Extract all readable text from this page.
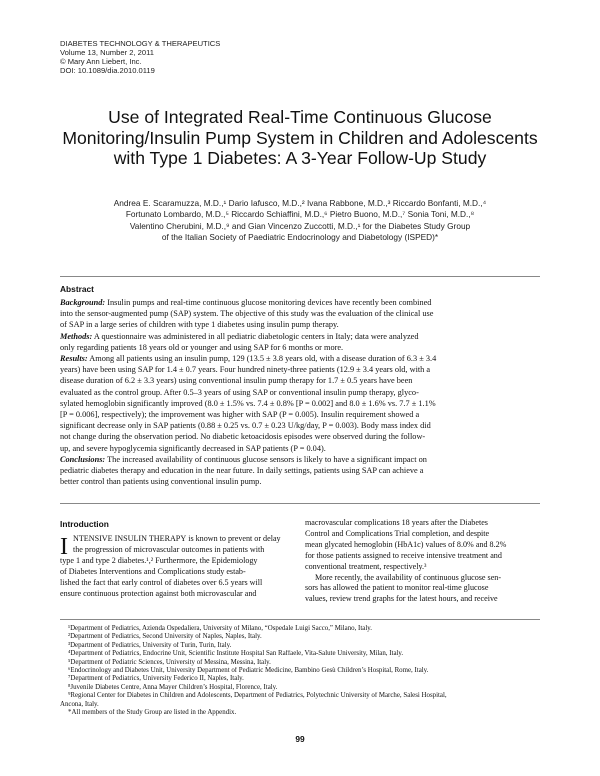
DIABETES TECHNOLOGY & THERAPEUTICS
Volume 13, Number 2, 2011
© Mary Ann Liebert, Inc.
DOI: 10.1089/dia.2010.0119
Use of Integrated Real-Time Continuous Glucose
Monitoring/Insulin Pump System in Children and Adolescents
with Type 1 Diabetes: A 3-Year Follow-Up Study
Andrea E. Scaramuzza, M.D.,¹ Dario Iafusco, M.D.,² Ivana Rabbone, M.D.,³ Riccardo Bonfanti, M.D.,⁴
Fortunato Lombardo, M.D.,⁵ Riccardo Schiaffini, M.D.,⁶ Pietro Buono, M.D.,⁷ Sonia Toni, M.D.,⁸
Valentino Cherubini, M.D.,⁹ and Gian Vincenzo Zuccotti, M.D.,¹ for the Diabetes Study Group
of the Italian Society of Paediatric Endocrinology and Diabetology (ISPED)*
Abstract
Background: Insulin pumps and real-time continuous glucose monitoring devices have recently been combined
into the sensor-augmented pump (SAP) system. The objective of this study was the evaluation of the clinical use
of SAP in a large series of children with type 1 diabetes using insulin pump therapy.
Methods: A questionnaire was administered in all pediatric diabetologic centers in Italy; data were analyzed
only regarding patients 18 years old or younger and using SAP for 6 months or more.
Results: Among all patients using an insulin pump, 129 (13.5 ± 3.8 years old, with a disease duration of 6.3 ± 3.4
years) have been using SAP for 1.4 ± 0.7 years. Four hundred ninety-three patients (12.9 ± 3.4 years old, with a
disease duration of 6.2 ± 3.3 years) using conventional insulin pump therapy for 1.7 ± 0.5 years have been
evaluated as the control group. After 0.5–3 years of using SAP or conventional insulin pump therapy, glyco-
sylated hemoglobin significantly improved (8.0 ± 1.5% vs. 7.4 ± 0.8% [P = 0.002] and 8.0 ± 1.6% vs. 7.7 ± 1.1%
[P = 0.006], respectively); the improvement was higher with SAP (P = 0.005). Insulin requirement showed a
significant decrease only in SAP patients (0.88 ± 0.25 vs. 0.7 ± 0.23 U/kg/day, P = 0.003). Body mass index did
not change during the observation period. No diabetic ketoacidosis episodes were observed during the follow-
up, and severe hypoglycemia significantly decreased in SAP patients (P = 0.04).
Conclusions: The increased availability of continuous glucose sensors is likely to have a significant impact on
pediatric diabetes therapy and education in the near future. In daily settings, patients using SAP can achieve a
better control than patients using conventional insulin pump.
Introduction
I NTENSIVE INSULIN THERAPY is known to prevent or delay
the progression of microvascular outcomes in patients with
type 1 and type 2 diabetes.¹,² Furthermore, the Epidemiology
of Diabetes Interventions and Complications study estab-
lished the fact that early control of diabetes over 6.5 years will
ensure continuous protection against both microvascular and
macrovascular complications 18 years after the Diabetes
Control and Complications Trial completion, and despite
mean glycated hemoglobin (HbA1c) values of 8.0% and 8.2%
for those patients assigned to receive intensive treatment and
conventional treatment, respectively.³
More recently, the availability of continuous glucose sen-
sors has allowed the patient to monitor real-time glucose
values, review trend graphs for the latest hours, and receive
¹Department of Pediatrics, Azienda Ospedaliera, University of Milano, “Ospedale Luigi Sacco,” Milano, Italy.
²Department of Pediatrics, Second University of Naples, Naples, Italy.
³Department of Pediatrics, University of Turin, Turin, Italy.
⁴Department of Pediatrics, Endocrine Unit, Scientific Institute Hospital San Raffaele, Vita-Salute University, Milan, Italy.
⁵Department of Pediatric Sciences, University of Messina, Messina, Italy.
⁶Endocrinology and Diabetes Unit, University Department of Pediatric Medicine, Bambino Gesù Children’s Hospital, Rome, Italy.
⁷Department of Pediatrics, University Federico II, Naples, Italy.
⁸Juvenile Diabetes Centre, Anna Mayer Children’s Hospital, Florence, Italy.
⁹Regional Center for Diabetes in Children and Adolescents, Department of Pediatrics, Polytechnic University of Marche, Salesi Hospital,
Ancona, Italy.
*All members of the Study Group are listed in the Appendix.
99
